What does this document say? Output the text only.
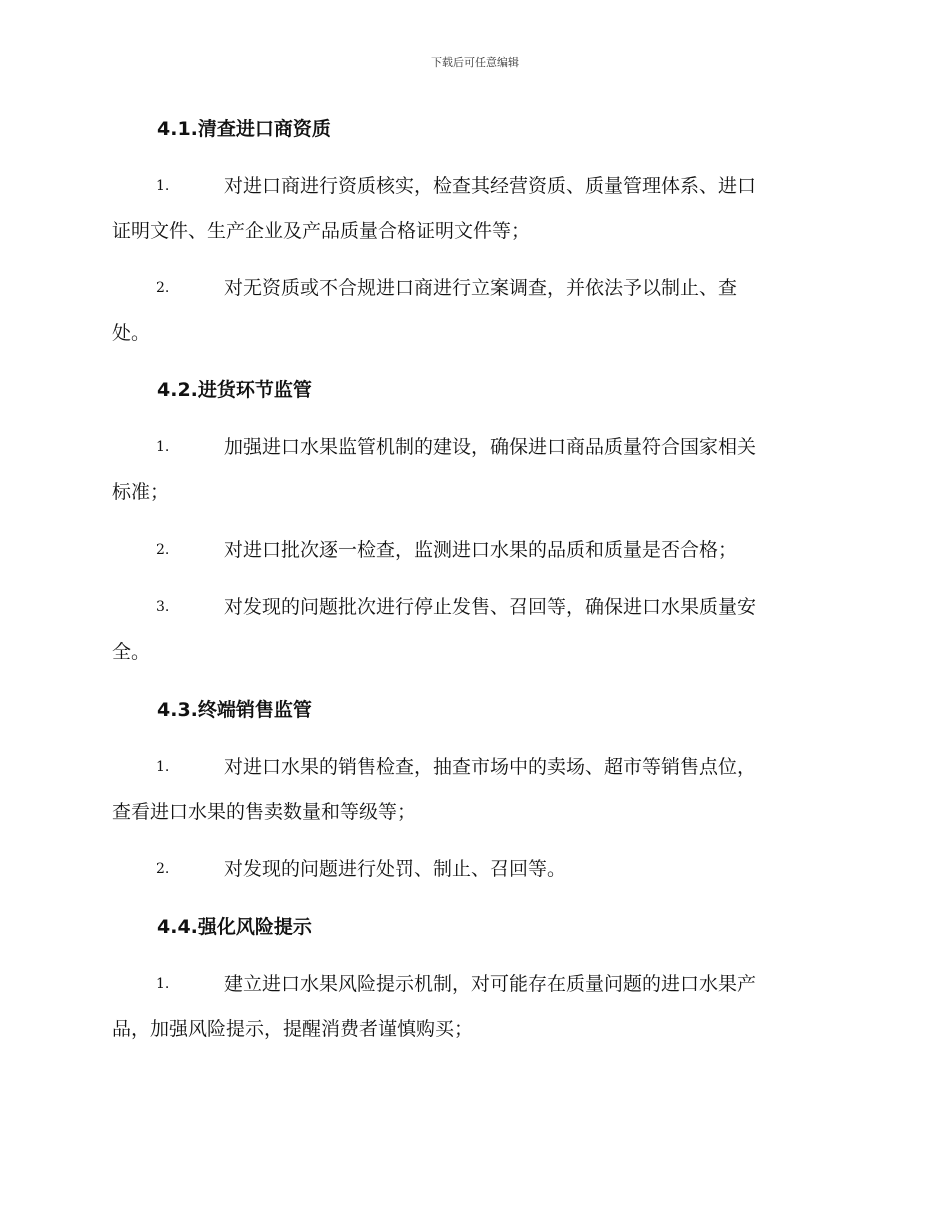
下载后可任意编辑
4.1.清查进口商资质
1.	对进口商进行资质核实，检查其经营资质、质量管理体系、进口
证明文件、生产企业及产品质量合格证明文件等；
2.	对无资质或不合规进口商进行立案调查，并依法予以制止、查
处。
4.2.进货环节监管
1.	加强进口水果监管机制的建设，确保进口商品质量符合国家相关
标准；
2.	对进口批次逐一检查，监测进口水果的品质和质量是否合格；
3.	对发现的问题批次进行停止发售、召回等，确保进口水果质量安
全。
4.3.终端销售监管
1.	对进口水果的销售检查，抽查市场中的卖场、超市等销售点位，
查看进口水果的售卖数量和等级等；
2.	对发现的问题进行处罚、制止、召回等。
4.4.强化风险提示
1.	建立进口水果风险提示机制，对可能存在质量问题的进口水果产
品，加强风险提示，提醒消费者谨慎购买；
